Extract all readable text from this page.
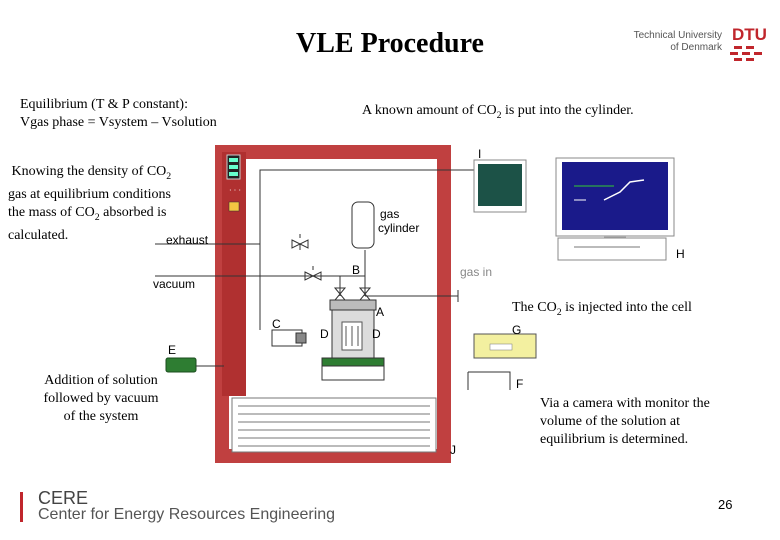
VLE Procedure	Technical University
of Denmark
DTU
Equilibrium (T & P constant):
Vgas phase = Vsystem – Vsolution
A known amount of $CO_2$ is put into the cylinder.
Knowing the density of $CO_2$
gas at equilibrium conditions
the mass of $CO_2$ absorbed is
calculated.
The $CO_2$ is injected into the cell
Addition of solution
followed by vacuum
of the system
Via a camera with monitor the
volume of the solution at
equilibrium is determined.
· · ·
exhaust
vacuum
gas
cylinder
gas in
A
B
C
D	D
E
F
G
H
I
J
CERE
Center for Energy Resources Engineering
26
